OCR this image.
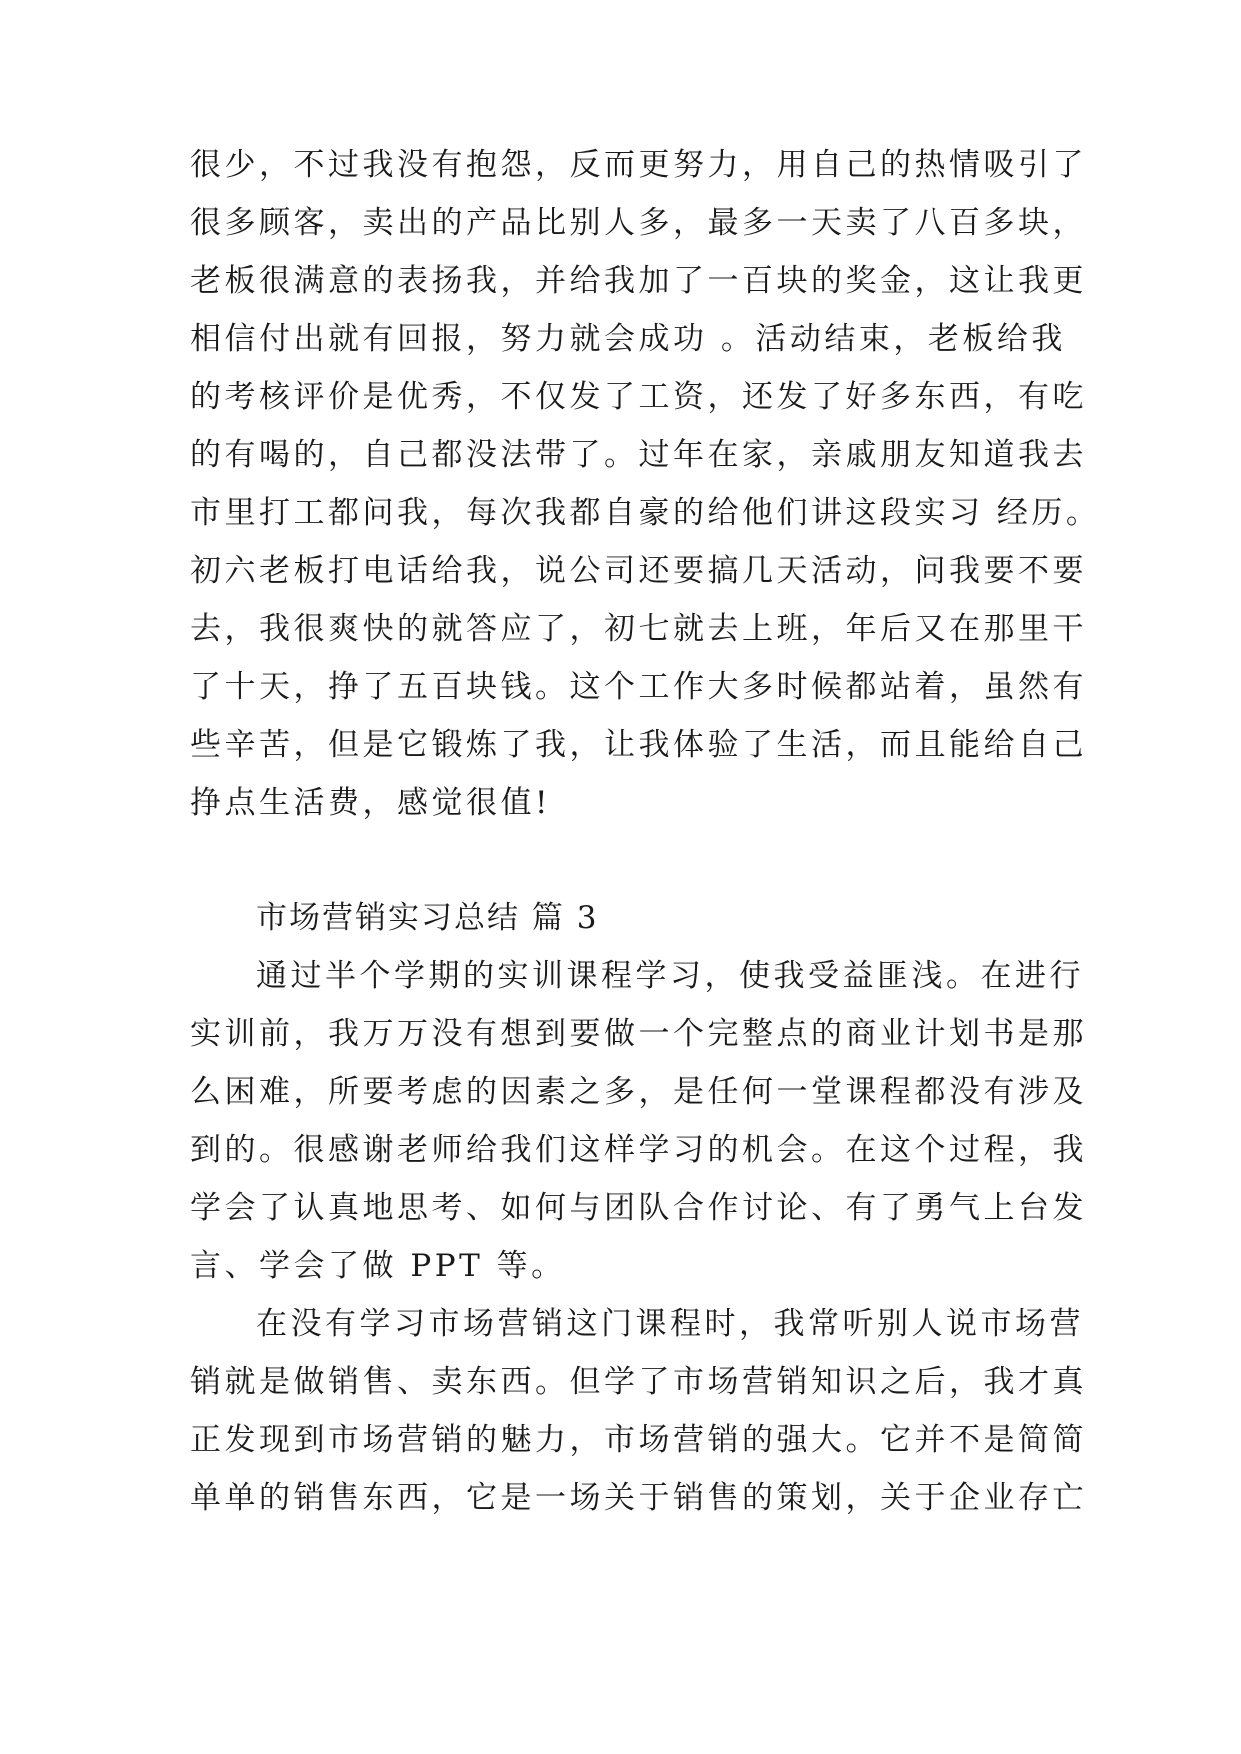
很少，不过我没有抱怨，反而更努力，用自己的热情吸引了
很多顾客，卖出的产品比别人多，最多一天卖了八百多块，
老板很满意的表扬我，并给我加了一百块的奖金，这让我更
相信付出就有回报，努力就会成功 。活动结束，老板给我
的考核评价是优秀，不仅发了工资，还发了好多东西，有吃
的有喝的，自己都没法带了。过年在家，亲戚朋友知道我去
市里打工都问我，每次我都自豪的给他们讲这段实习 经历。
初六老板打电话给我，说公司还要搞几天活动，问我要不要
去，我很爽快的就答应了，初七就去上班，年后又在那里干
了十天，挣了五百块钱。这个工作大多时候都站着，虽然有
些辛苦，但是它锻炼了我，让我体验了生活，而且能给自己
挣点生活费，感觉很值!
市场营销实习总结 篇 3
通过半个学期的实训课程学习，使我受益匪浅。在进行
实训前，我万万没有想到要做一个完整点的商业计划书是那
么困难，所要考虑的因素之多，是任何一堂课程都没有涉及
到的。很感谢老师给我们这样学习的机会。在这个过程，我
学会了认真地思考、如何与团队合作讨论、有了勇气上台发
言、学会了做 PPT 等。
在没有学习市场营销这门课程时，我常听别人说市场营
销就是做销售、卖东西。但学了市场营销知识之后，我才真
正发现到市场营销的魅力，市场营销的强大。它并不是简简
单单的销售东西，它是一场关于销售的策划，关于企业存亡
